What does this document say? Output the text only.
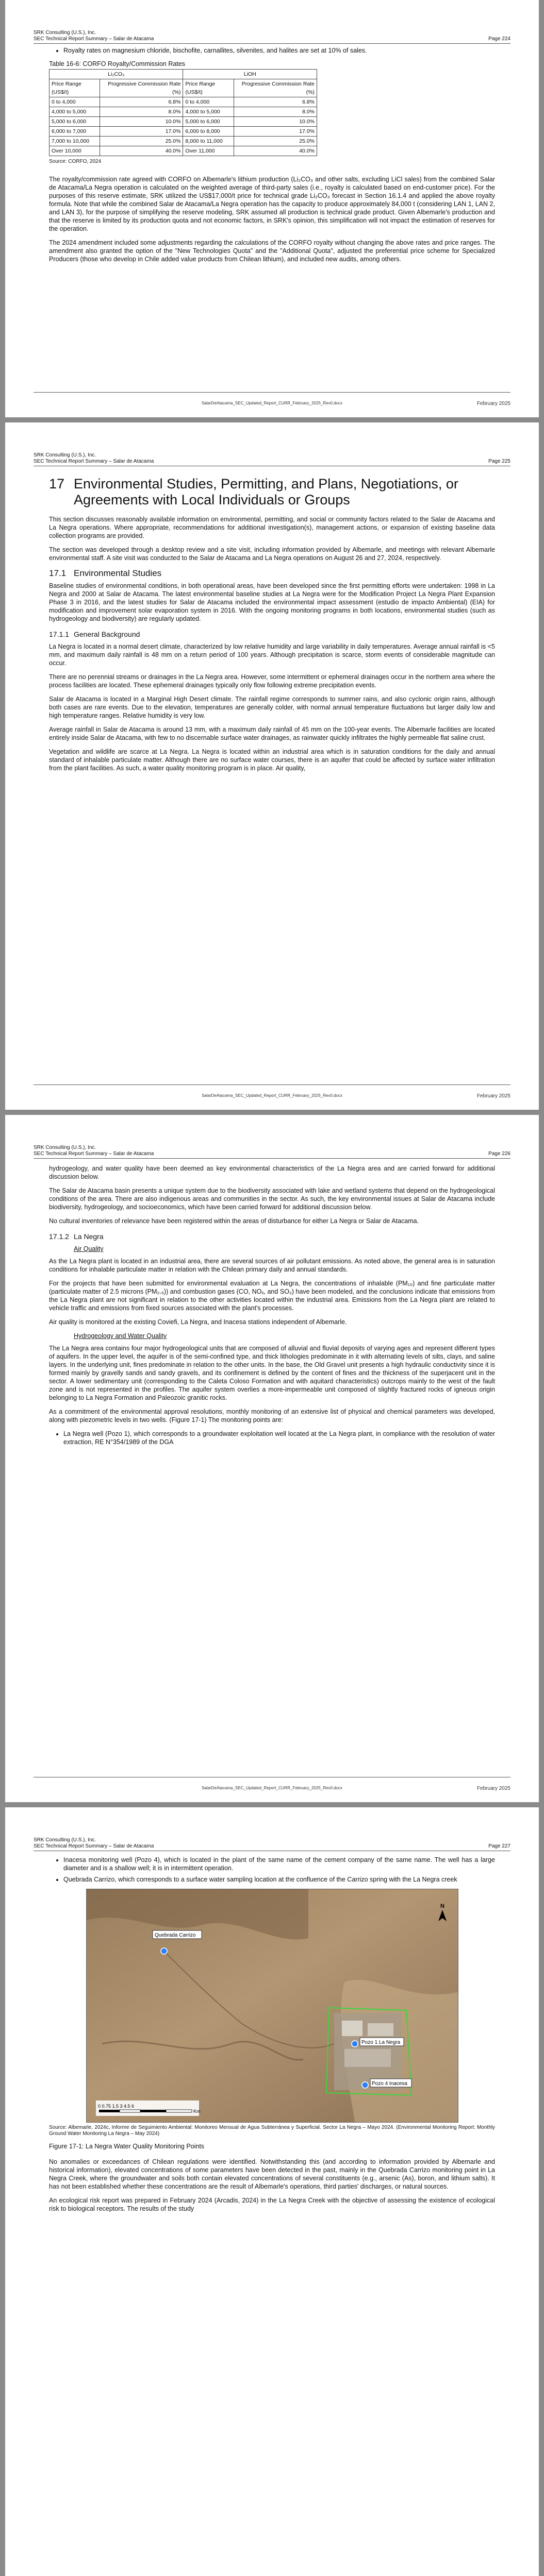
SRK Consulting (U.S.), Inc.
SEC Technical Report Summary – Salar de Atacama	Page 224
• Royalty rates on magnesium chloride, bischofite, carnallites, silvenites, and halites are set at 10% of sales.
Table 16-6: CORFO Royalty/Commission Rates
Li₂CO₃		LiOH	
Price Range (US$/t)	Progressive Commission Rate (%)	Price Range (US$/t)	Progressive Commission Rate (%)
0 to 4,000	6.8%	0 to 4,000	6.8%
4,000 to 5,000	8.0%	4,000 to 5,000	8.0%
5,000 to 6,000	10.0%	5,000 to 6,000	10.0%
6,000 to 7,000	17.0%	6,000 to 8,000	17.0%
7,000 to 10,000	25.0%	8,000 to 11,000	25.0%
Over 10,000	40.0%	Over 11,000	40.0%
Source: CORFO, 2024

The royalty/commission rate agreed with CORFO on Albemarle's lithium production (Li₂CO₃ and other salts, excluding LiCl sales) from the combined Salar de Atacama/La Negra operation is calculated on the weighted average of third-party sales (i.e., royalty is calculated based on end-customer price). For the purposes of this reserve estimate, SRK utilized the US$17,000/t price for technical grade Li₂CO₃ forecast in Section 16.1.4 and applied the above royalty formula. Note that while the combined Salar de Atacama/La Negra operation has the capacity to produce approximately 84,000 t (considering LAN 1, LAN 2, and LAN 3), for the purpose of simplifying the reserve modeling, SRK assumed all production is technical grade product. Given Albemarle's production and that the reserve is limited by its production quota and not economic factors, in SRK's opinion, this simplification will not impact the estimation of reserves for the operation.

The 2024 amendment included some adjustments regarding the calculations of the CORFO royalty without changing the above rates and price ranges. The amendment also granted the option of the "New Technologies Quota" and the "Additional Quota", adjusted the preferential price scheme for Specialized Producers (those who develop in Chile added value products from Chilean lithium), and included new audits, among others.

SalarDeAtacama_SEC_Updated_Report_CURR_February_2025_Rev0.docx	February 2025
SRK Consulting (U.S.), Inc.
SEC Technical Report Summary – Salar de Atacama	Page 225
17 Environmental Studies, Permitting, and Plans, Negotiations, or Agreements with Local Individuals or Groups

This section discusses reasonably available information on environmental, permitting, and social or community factors related to the Salar de Atacama and La Negra operations. Where appropriate, recommendations for additional investigation(s), management actions, or expansion of existing baseline data collection programs are provided.

The section was developed through a desktop review and a site visit, including information provided by Albemarle, and meetings with relevant Albemarle environmental staff. A site visit was conducted to the Salar de Atacama and La Negra operations on August 26 and 27, 2024, respectively.

17.1 Environmental Studies

Baseline studies of environmental conditions, in both operational areas, have been developed since the first permitting efforts were undertaken: 1998 in La Negra and 2000 at Salar de Atacama. The latest environmental baseline studies at La Negra were for the Modification Project La Negra Plant Expansion Phase 3 in 2016, and the latest studies for Salar de Atacama included the environmental impact assessment (estudio de impacto Ambiental) (EIA) for modification and improvement solar evaporation system in 2016. With the ongoing monitoring programs in both locations, environmental studies (such as hydrogeology and biodiversity) are regularly updated.

17.1.1 General Background

La Negra is located in a normal desert climate, characterized by low relative humidity and large variability in daily temperatures. Average annual rainfall is <5 mm, and maximum daily rainfall is 48 mm on a return period of 100 years. Although precipitation is scarce, storm events of considerable magnitude can occur.

There are no perennial streams or drainages in the La Negra area. However, some intermittent or ephemeral drainages occur in the northern area where the process facilities are located. These ephemeral drainages typically only flow following extreme precipitation events.

Salar de Atacama is located in a Marginal High Desert climate. The rainfall regime corresponds to summer rains, and also cyclonic origin rains, although both cases are rare events. Due to the elevation, temperatures are generally colder, with normal annual temperature fluctuations but larger daily low and high temperature ranges. Relative humidity is very low.

Average rainfall in Salar de Atacama is around 13 mm, with a maximum daily rainfall of 45 mm on the 100-year events. The Albemarle facilities are located entirely inside Salar de Atacama, with few to no discernable surface water drainages, as rainwater quickly infiltrates the highly permeable flat saline crust.

Vegetation and wildlife are scarce at La Negra. La Negra is located within an industrial area which is in saturation conditions for the daily and annual standard of inhalable particulate matter. Although there are no surface water courses, there is an aquifer that could be affected by surface water infiltration from the plant facilities. As such, a water quality monitoring program is in place. Air quality,

SalarDeAtacama_SEC_Updated_Report_CURR_February_2025_Rev0.docx	February 2025
SRK Consulting (U.S.), Inc.
SEC Technical Report Summary – Salar de Atacama	Page 226

hydrogeology, and water quality have been deemed as key environmental characteristics of the La Negra area and are carried forward for additional discussion below.

The Salar de Atacama basin presents a unique system due to the biodiversity associated with lake and wetland systems that depend on the hydrogeological conditions of the area. There are also indigenous areas and communities in the sector. As such, the key environmental issues at Salar de Atacama include biodiversity, hydrogeology, and socioeconomics, which have been carried forward for additional discussion below.

No cultural inventories of relevance have been registered within the areas of disturbance for either La Negra or Salar de Atacama.

17.1.2 La Negra
Air Quality

As the La Negra plant is located in an industrial area, there are several sources of air pollutant emissions. As noted above, the general area is in saturation conditions for inhalable particulate matter in relation with the Chilean primary daily and annual standards.

For the projects that have been submitted for environmental evaluation at La Negra, the concentrations of inhalable (PM₁₀) and fine particulate matter (particulate matter of 2.5 microns (PM₂.₅)) and combustion gases (CO, NOₓ, and SO₂) have been modeled, and the conclusions indicate that emissions from the La Negra plant are not significant in relation to the other activities located within the industrial area. Emissions from the La Negra plant are related to vehicle traffic and emissions from fixed sources associated with the plant's processes.

Air quality is monitored at the existing Coviefi, La Negra, and Inacesa stations independent of Albemarle.

Hydrogeology and Water Quality

The La Negra area contains four major hydrogeological units that are composed of alluvial and fluvial deposits of varying ages and represent different types of aquifers. In the upper level, the aquifer is of the semi-confined type, and thick lithologies predominate in it with alternating levels of silts, clays, and saline layers. In the underlying unit, fines predominate in relation to the other units. In the base, the Old Gravel unit presents a high hydraulic conductivity since it is formed mainly by gravelly sands and sandy gravels, and its confinement is defined by the content of fines and the thickness of the superjacent unit in the sector. A lower sedimentary unit (corresponding to the Caleta Coloso Formation and with aquitard characteristics) outcrops mainly to the west of the fault zone and is not represented in the profiles. The aquifer system overlies a more-impermeable unit composed of slightly fractured rocks of igneous origin belonging to La Negra Formation and Paleozoic granitic rocks.

As a commitment of the environmental approval resolutions, monthly monitoring of an extensive list of physical and chemical parameters was developed, along with piezometric levels in two wells. (Figure 17-1) The monitoring points are:

• La Negra well (Pozo 1), which corresponds to a groundwater exploitation well located at the La Negra plant, in compliance with the resolution of water extraction, RE N°354/1989 of the DGA
SalarDeAtacama_SEC_Updated_Report_CURR_February_2025_Rev0.docx	February 2025
SRK Consulting (U.S.), Inc.
SEC Technical Report Summary – Salar de Atacama	Page 227
• Inacesa monitoring well (Pozo 4), which is located in the plant of the same name of the cement company of the same name. The well has a large diameter and is a shallow well; it is in intermittent operation.
• Quebrada Carrizo, which corresponds to a surface water sampling location at the confluence of the Carrizo spring with the La Negra creek
Quebrada Carrizo
Pozo 1 La Negra
Pozo 4 Inacesa
0 0.75 1.5 3 4.5 6
Km
N
Source: Albemarle, 2024c, Informe de Seguimiento Ambiental: Monitoreo Mensual de Agua Subterránea y Superficial. Sector La Negra – Mayo 2024. (Environmental Monitoring Report: Monthly Ground Water Monitoring La Negra – May 2024)
Figure 17-1: La Negra Water Quality Monitoring Points

No anomalies or exceedances of Chilean regulations were identified. Notwithstanding this (and according to information provided by Albemarle and historical information), elevated concentrations of some parameters have been detected in the past, mainly in the Quebrada Carrizo monitoring point in La Negra Creek, where the groundwater and soils both contain elevated concentrations of several constituents (e.g., arsenic (As), boron, and lithium salts). It has not been established whether these concentrations are the result of Albemarle's operations, third parties' discharges, or natural sources.

An ecological risk report was prepared in February 2024 (Arcadis, 2024) in the La Negra Creek with the objective of assessing the existence of ecological risk to biological receptors. The results of the study
